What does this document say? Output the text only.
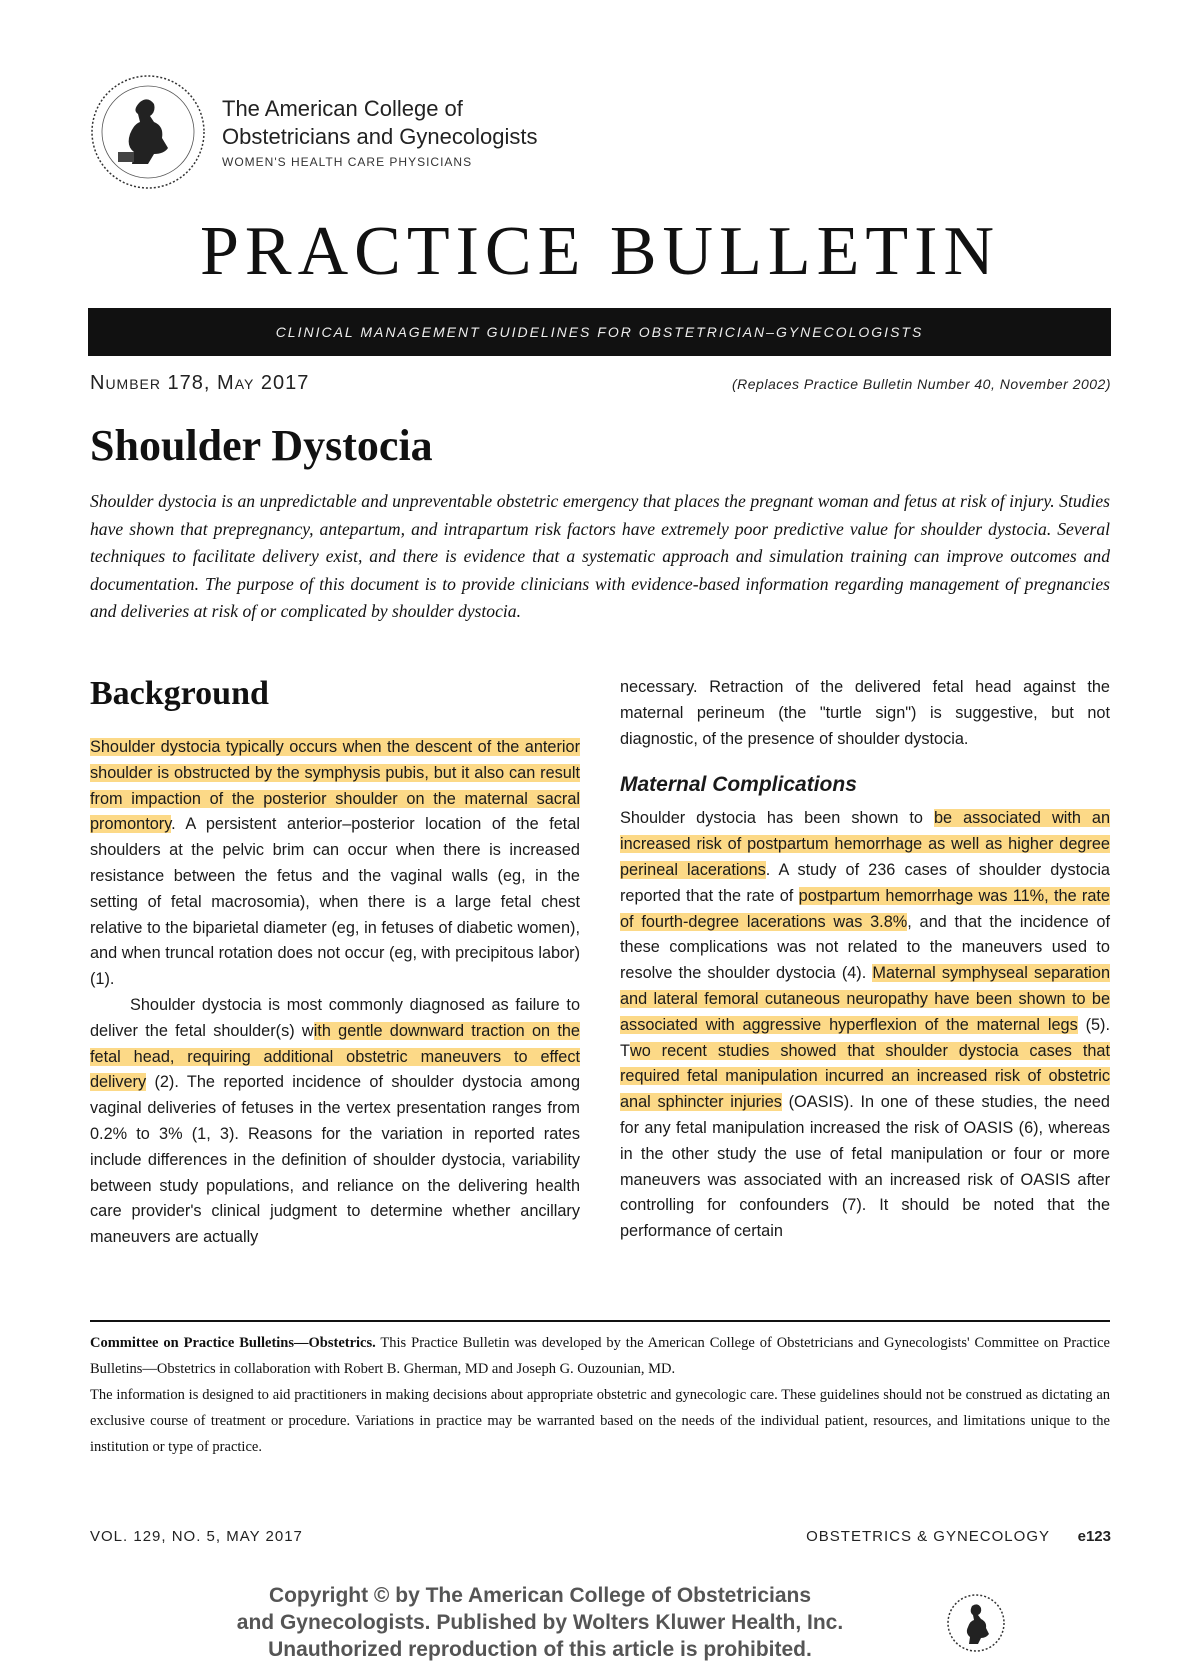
The American College of
Obstetricians and Gynecologists
WOMEN'S HEALTH CARE PHYSICIANS
PRACTICE BULLETIN
CLINICAL MANAGEMENT GUIDELINES FOR OBSTETRICIAN–GYNECOLOGISTS
Number 178, May 2017	(Replaces Practice Bulletin Number 40, November 2002)
Shoulder Dystocia
Shoulder dystocia is an unpredictable and unpreventable obstetric emergency that places the pregnant woman and fetus at risk of injury. Studies have shown that prepregnancy, antepartum, and intrapartum risk factors have extremely poor predictive value for shoulder dystocia. Several techniques to facilitate delivery exist, and there is evidence that a systematic approach and simulation training can improve outcomes and documentation. The purpose of this document is to provide clinicians with evidence-based information regarding management of pregnancies and deliveries at risk of or complicated by shoulder dystocia.
Background

Shoulder dystocia typically occurs when the descent of the anterior shoulder is obstructed by the symphysis pubis, but it also can result from impaction of the posterior shoulder on the maternal sacral promontory. A persistent anterior–posterior location of the fetal shoulders at the pelvic brim can occur when there is increased resistance between the fetus and the vaginal walls (eg, in the setting of fetal macrosomia), when there is a large fetal chest relative to the biparietal diameter (eg, in fetuses of diabetic women), and when truncal rotation does not occur (eg, with precipitous labor) (1).

Shoulder dystocia is most commonly diagnosed as failure to deliver the fetal shoulder(s) with gentle downward traction on the fetal head, requiring additional obstetric maneuvers to effect delivery (2). The reported incidence of shoulder dystocia among vaginal deliveries of fetuses in the vertex presentation ranges from 0.2% to 3% (1, 3). Reasons for the variation in reported rates include differences in the definition of shoulder dystocia, variability between study populations, and reliance on the delivering health care provider's clinical judgment to determine whether ancillary maneuvers are actually

necessary. Retraction of the delivered fetal head against the maternal perineum (the "turtle sign") is suggestive, but not diagnostic, of the presence of shoulder dystocia.

Maternal Complications

Shoulder dystocia has been shown to be associated with an increased risk of postpartum hemorrhage as well as higher degree perineal lacerations. A study of 236 cases of shoulder dystocia reported that the rate of postpartum hemorrhage was 11%, the rate of fourth-degree lacerations was 3.8%, and that the incidence of these complications was not related to the maneuvers used to resolve the shoulder dystocia (4). Maternal symphyseal separation and lateral femoral cutaneous neuropathy have been shown to be associated with aggressive hyperflexion of the maternal legs (5). Two recent studies showed that shoulder dystocia cases that required fetal manipulation incurred an increased risk of obstetric anal sphincter injuries (OASIS). In one of these studies, the need for any fetal manipulation increased the risk of OASIS (6), whereas in the other study the use of fetal manipulation or four or more maneuvers was associated with an increased risk of OASIS after controlling for confounders (7). It should be noted that the performance of certain

Committee on Practice Bulletins—Obstetrics. This Practice Bulletin was developed by the American College of Obstetricians and Gynecologists' Committee on Practice Bulletins—Obstetrics in collaboration with Robert B. Gherman, MD and Joseph G. Ouzounian, MD.

The information is designed to aid practitioners in making decisions about appropriate obstetric and gynecologic care. These guidelines should not be construed as dictating an exclusive course of treatment or procedure. Variations in practice may be warranted based on the needs of the individual patient, resources, and limitations unique to the institution or type of practice.

VOL. 129, NO. 5, MAY 2017	OBSTETRICS & GYNECOLOGY e123
Copyright © by The American College of Obstetricians
and Gynecologists. Published by Wolters Kluwer Health, Inc.
Unauthorized reproduction of this article is prohibited.
